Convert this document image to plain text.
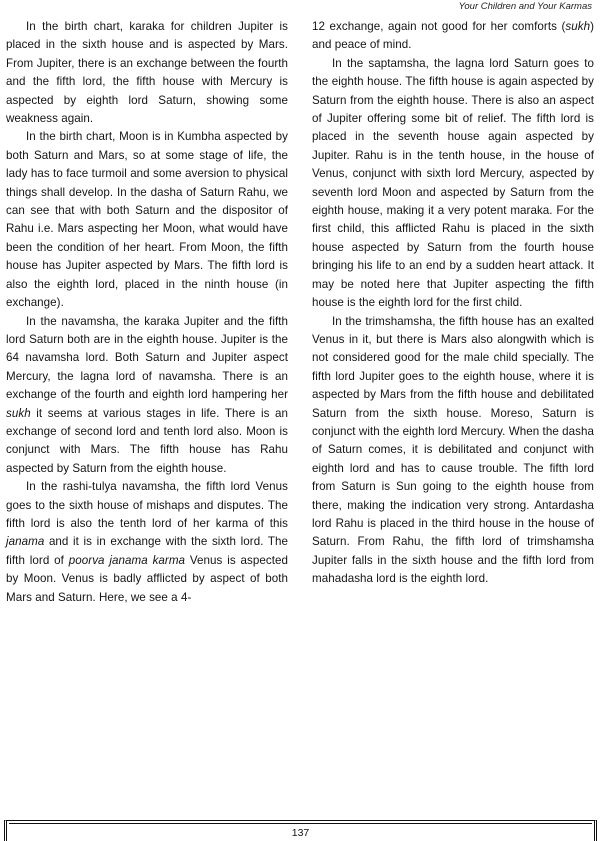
Your Children and Your Karmas

In the birth chart, karaka for children Jupiter is placed in the sixth house and is aspected by Mars. From Jupiter, there is an exchange between the fourth and the fifth lord, the fifth house with Mercury is aspected by eighth lord Saturn, showing some weakness again.

In the birth chart, Moon is in Kumbha aspected by both Saturn and Mars, so at some stage of life, the lady has to face turmoil and some aversion to physical things shall develop. In the dasha of Saturn Rahu, we can see that with both Saturn and the dispositor of Rahu i.e. Mars aspecting her Moon, what would have been the condition of her heart. From Moon, the fifth house has Jupiter aspected by Mars. The fifth lord is also the eighth lord, placed in the ninth house (in exchange).

In the navamsha, the karaka Jupiter and the fifth lord Saturn both are in the eighth house. Jupiter is the 64 navamsha lord. Both Saturn and Jupiter aspect Mercury, the lagna lord of navamsha. There is an exchange of the fourth and eighth lord hampering her sukh it seems at various stages in life. There is an exchange of second lord and tenth lord also. Moon is conjunct with Mars. The fifth house has Rahu aspected by Saturn from the eighth house.

In the rashi-tulya navamsha, the fifth lord Venus goes to the sixth house of mishaps and disputes. The fifth lord is also the tenth lord of her karma of this janama and it is in exchange with the sixth lord. The fifth lord of poorva janama karma Venus is aspected by Moon. Venus is badly afflicted by aspect of both Mars and Saturn. Here, we see a 4-

12 exchange, again not good for her comforts (sukh) and peace of mind.

In the saptamsha, the lagna lord Saturn goes to the eighth house. The fifth house is again aspected by Saturn from the eighth house. There is also an aspect of Jupiter offering some bit of relief. The fifth lord is placed in the seventh house again aspected by Jupiter. Rahu is in the tenth house, in the house of Venus, conjunct with sixth lord Mercury, aspected by seventh lord Moon and aspected by Saturn from the eighth house, making it a very potent maraka. For the first child, this afflicted Rahu is placed in the sixth house aspected by Saturn from the fourth house bringing his life to an end by a sudden heart attack. It may be noted here that Jupiter aspecting the fifth house is the eighth lord for the first child.

In the trimshamsha, the fifth house has an exalted Venus in it, but there is Mars also alongwith which is not considered good for the male child specially. The fifth lord Jupiter goes to the eighth house, where it is aspected by Mars from the fifth house and debilitated Saturn from the sixth house. Moreso, Saturn is conjunct with the eighth lord Mercury. When the dasha of Saturn comes, it is debilitated and conjunct with eighth lord and has to cause trouble. The fifth lord from Saturn is Sun going to the eighth house from there, making the indication very strong. Antardasha lord Rahu is placed in the third house in the house of Saturn. From Rahu, the fifth lord of trimshamsha Jupiter falls in the sixth house and the fifth lord from mahadasha lord is the eighth lord.

137
